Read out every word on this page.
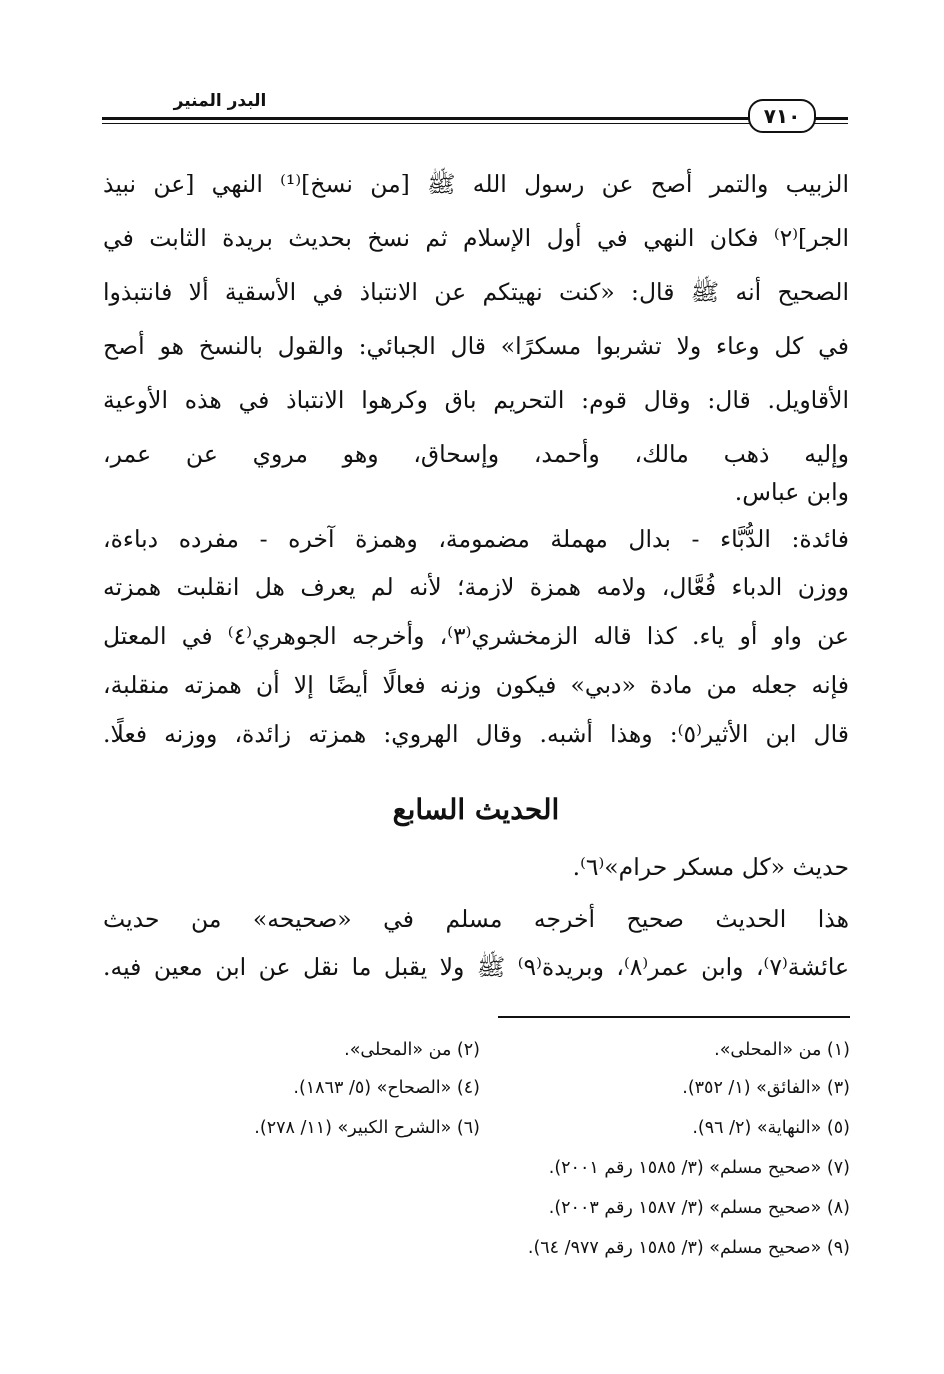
البدر المنير
٧١٠
الزبيب والتمر أصح عن رسول الله ﷺ [من نسخ]⁽¹⁾ النهي [عن نبيذ
الجر]⁽٢⁾ فكان النهي في أول الإسلام ثم نسخ بحديث بريدة الثابت في
الصحيح أنه ﷺ قال: «كنت نهيتكم عن الانتباذ في الأسقية ألا فانتبذوا
في كل وعاء ولا تشربوا مسكرًا» قال الجبائي: والقول بالنسخ هو أصح
الأقاويل. قال: وقال قوم: التحريم باق وكرهوا الانتباذ في هذه الأوعية
وإليه ذهب مالك، وأحمد، وإسحاق، وهو مروي عن عمر،
وابن عباس.
فائدة: الدُّبَّاء - بدال مهملة مضمومة، وهمزة آخره - مفرده دباءة،
ووزن الدباء فُعَّال، ولامه همزة لازمة؛ لأنه لم يعرف هل انقلبت همزته
عن واو أو ياء. كذا قاله الزمخشري⁽٣⁾، وأخرجه الجوهري⁽٤⁾ في المعتل
فإنه جعله من مادة «دبي» فيكون وزنه فعالًا أيضًا إلا أن همزته منقلبة،
قال ابن الأثير⁽٥⁾: وهذا أشبه. وقال الهروي: همزته زائدة، ووزنه فعلًا.
الحديث السابع
حديث «كل مسكر حرام»⁽٦⁾.
هذا الحديث صحيح أخرجه مسلم في «صحيحه» من حديث
عائشة⁽٧⁾، وابن عمر⁽٨⁾، وبريدة⁽٩⁾ ﷺ ولا يقبل ما نقل عن ابن معين فيه.
(١) من «المحلى».
(٢) من «المحلى».
(٣) «الفائق» (١/ ٣٥٢).
(٤) «الصحاح» (٥/ ١٨٦٣).
(٥) «النهاية» (٢/ ٩٦).
(٦) «الشرح الكبير» (١١/ ٢٧٨).
(٧) «صحيح مسلم» (٣/ ١٥٨٥ رقم ٢٠٠١).
(٨) «صحيح مسلم» (٣/ ١٥٨٧ رقم ٢٠٠٣).
(٩) «صحيح مسلم» (٣/ ١٥٨٥ رقم ٩٧٧/ ٦٤).
